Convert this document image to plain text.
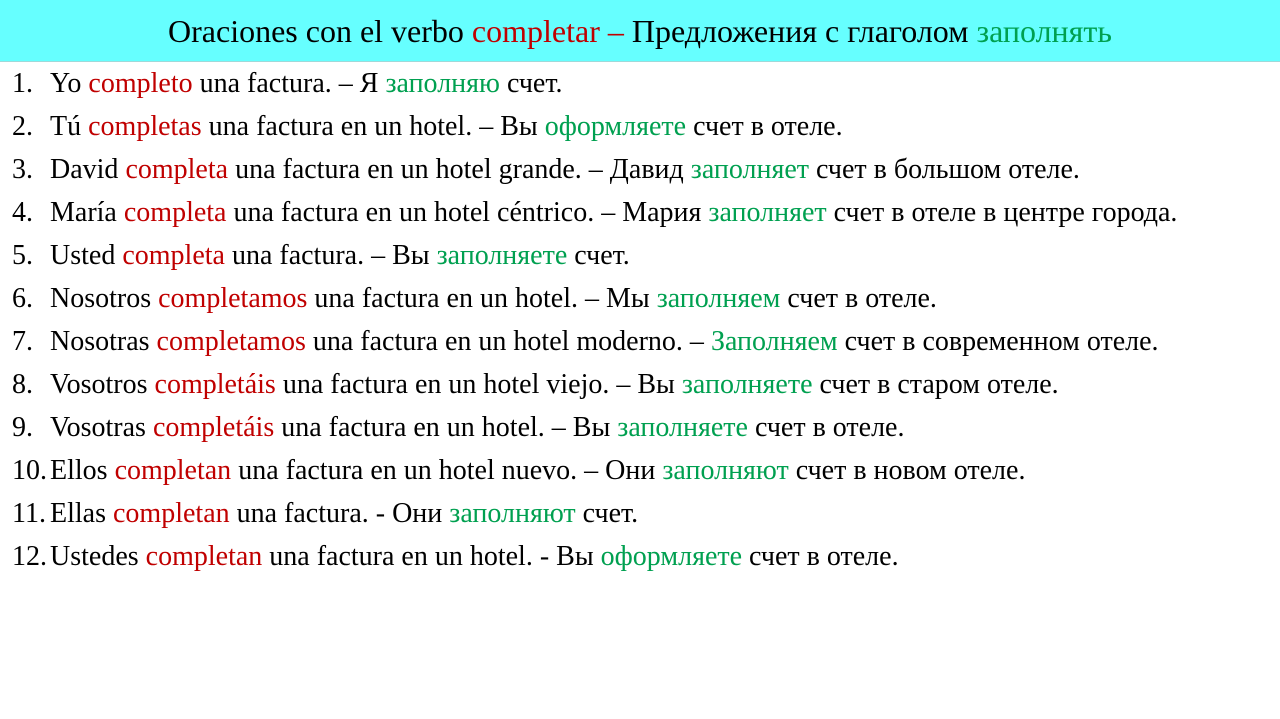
Oraciones con el verbo completar – Предложения с глаголом заполнять
1. Yo completo una factura. – Я заполняю счет.
2. Tú completas una factura en un hotel. – Вы оформляете счет в отеле.
3. David completa una factura en un hotel grande. – Давид заполняет счет в большом отеле.
4. María completa una factura en un hotel céntrico. – Мария заполняет счет в отеле в центре города.
5. Usted completa una factura. – Вы заполняете счет.
6. Nosotros completamos una factura en un hotel. – Мы заполняем счет в отеле.
7. Nosotras completamos una factura en un hotel moderno. – Заполняем счет в современном отеле.
8. Vosotros completáis una factura en un hotel viejo. – Вы заполняете счет в старом отеле.
9. Vosotras completáis una factura en un hotel. – Вы заполняете счет в отеле.
10. Ellos completan una factura en un hotel nuevo. – Они заполняют счет в новом отеле.
11. Ellas completan una factura. - Они заполняют счет.
12. Ustedes completan una factura en un hotel. - Вы оформляете счет в отеле.
